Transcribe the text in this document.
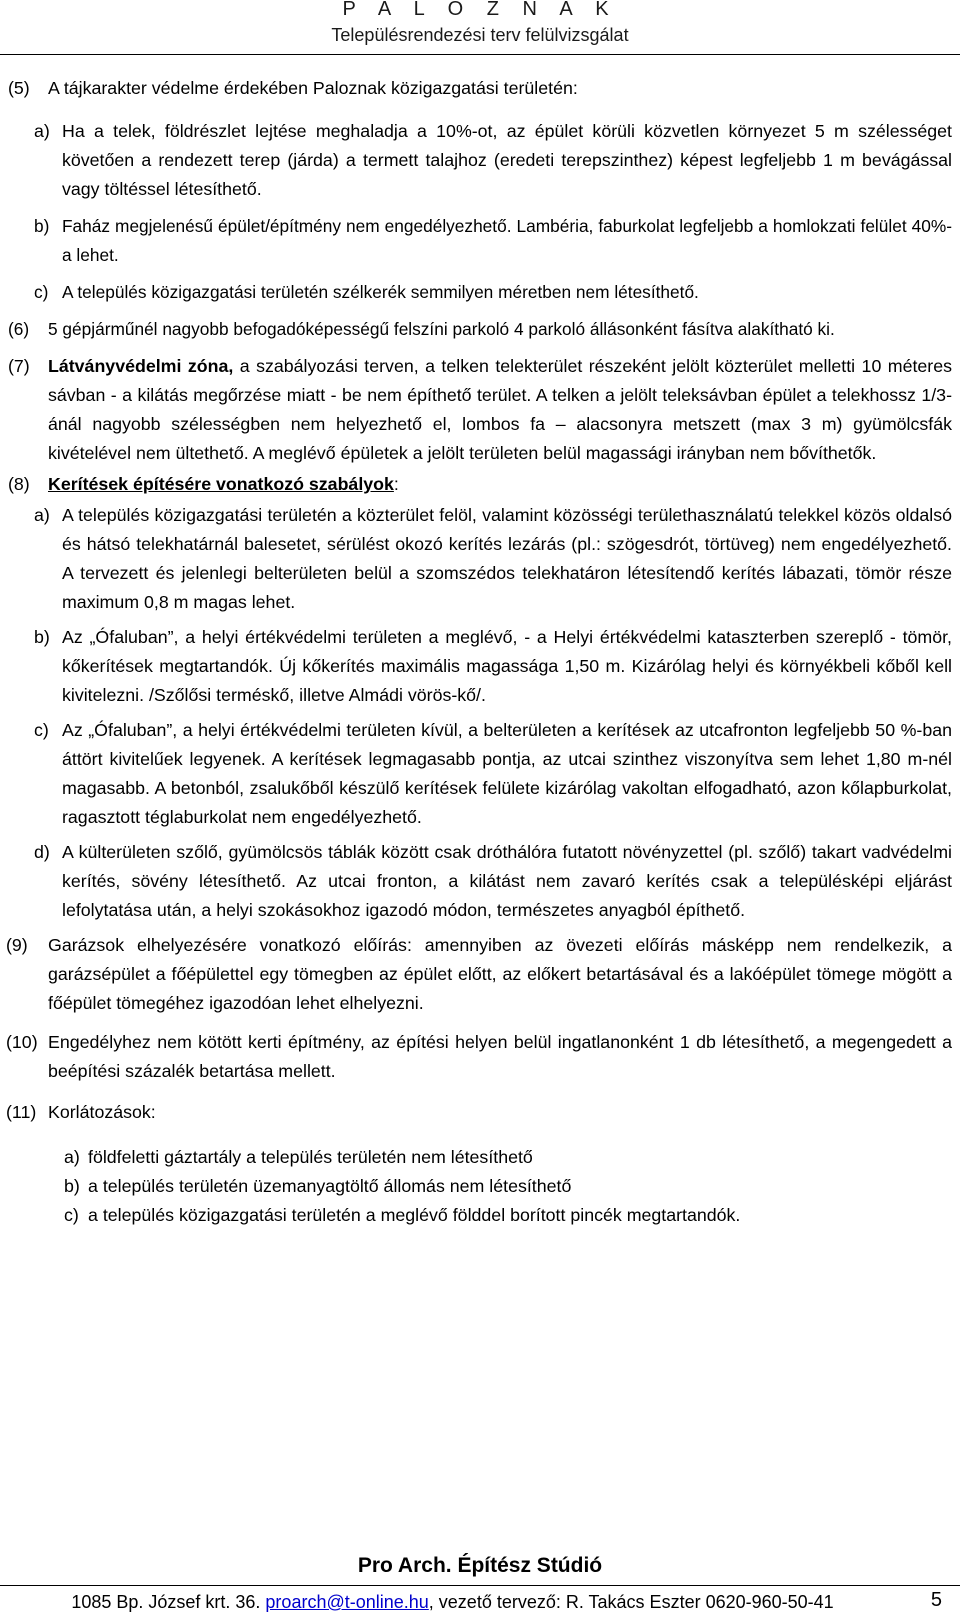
P A L O Z N A K
Településrendezési terv felülvizsgálat

(5) A tájkarakter védelme érdekében Paloznak közigazgatási területén:

a) Ha a telek, földrészlet lejtése meghaladja a 10%-ot, az épület körüli közvetlen környezet 5 m szélességet követően a rendezett terep (járda) a termett talajhoz (eredeti terepszinthez) képest legfeljebb 1 m bevágással vagy töltéssel létesíthető.

b) Faház megjelenésű épület/építmény nem engedélyezhető. Lambéria, faburkolat legfeljebb a homlokzati felület 40%-a lehet.

c) A település közigazgatási területén szélkerék semmilyen méretben nem létesíthető.

(6) 5 gépjárműnél nagyobb befogadóképességű felszíni parkoló 4 parkoló állásonként fásítva alakítható ki.

(7) Látványvédelmi zóna, a szabályozási terven, a telken telekterület részeként jelölt közterület melletti 10 méteres sávban - a kilátás megőrzése miatt - be nem építhető terület. A telken a jelölt teleksávban épület a telekhossz 1/3-ánál nagyobb szélességben nem helyezhető el, lombos fa – alacsonyra metszett (max 3 m) gyümölcsfák kivételével nem ültethető. A meglévő épületek a jelölt területen belül magassági irányban nem bővíthetők.

(8) Kerítések építésére vonatkozó szabályok:

a) A település közigazgatási területén a közterület felöl, valamint közösségi területhasználatú telekkel közös oldalsó és hátsó telekhatárnál balesetet, sérülést okozó kerítés lezárás (pl.: szögesdrót, törtüveg) nem engedélyezhető. A tervezett és jelenlegi belterületen belül a szomszédos telekhatáron létesítendő kerítés lábazati, tömör része maximum 0,8 m magas lehet.

b) Az „Ófaluban”, a helyi értékvédelmi területen a meglévő, - a Helyi értékvédelmi kataszterben szereplő - tömör, kőkerítések megtartandók. Új kőkerítés maximális magassága 1,50 m. Kizárólag helyi és környékbeli kőből kell kivitelezni. /Szőlősi terméskő, illetve Almádi vörös-kő/.

c) Az „Ófaluban”, a helyi értékvédelmi területen kívül, a belterületen a kerítések az utcafronton legfeljebb 50 %-ban áttört kivitelűek legyenek. A kerítések legmagasabb pontja, az utcai szinthez viszonyítva sem lehet 1,80 m-nél magasabb. A betonból, zsalukőből készülő kerítések felülete kizárólag vakoltan elfogadható, azon kőlapburkolat, ragasztott téglaburkolat nem engedélyezhető.

d) A külterületen szőlő, gyümölcsös táblák között csak dróthálóra futatott növényzettel (pl. szőlő) takart vadvédelmi kerítés, sövény létesíthető. Az utcai fronton, a kilátást nem zavaró kerítés csak a településképi eljárást lefolytatása után, a helyi szokásokhoz igazodó módon, természetes anyagból építhető.

(9) Garázsok elhelyezésére vonatkozó előírás: amennyiben az övezeti előírás másképp nem rendelkezik, a garázsépület a főépülettel egy tömegben az épület előtt, az előkert betartásával és a lakóépület tömege mögött a főépület tömegéhez igazodóan lehet elhelyezni.

(10) Engedélyhez nem kötött kerti építmény, az építési helyen belül ingatlanonként 1 db létesíthető, a megengedett a beépítési százalék betartása mellett.

(11) Korlátozások:

a) földfeletti gáztartály a település területén nem létesíthető

b) a település területén üzemanyagtöltő állomás nem létesíthető

c) a település közigazgatási területén a meglévő földdel borított pincék megtartandók.

Pro Arch. Építész Stúdió
1085 Bp. József krt. 36. proarch@t-online.hu, vezető tervező: R. Takács Eszter 0620-960-50-41	5
